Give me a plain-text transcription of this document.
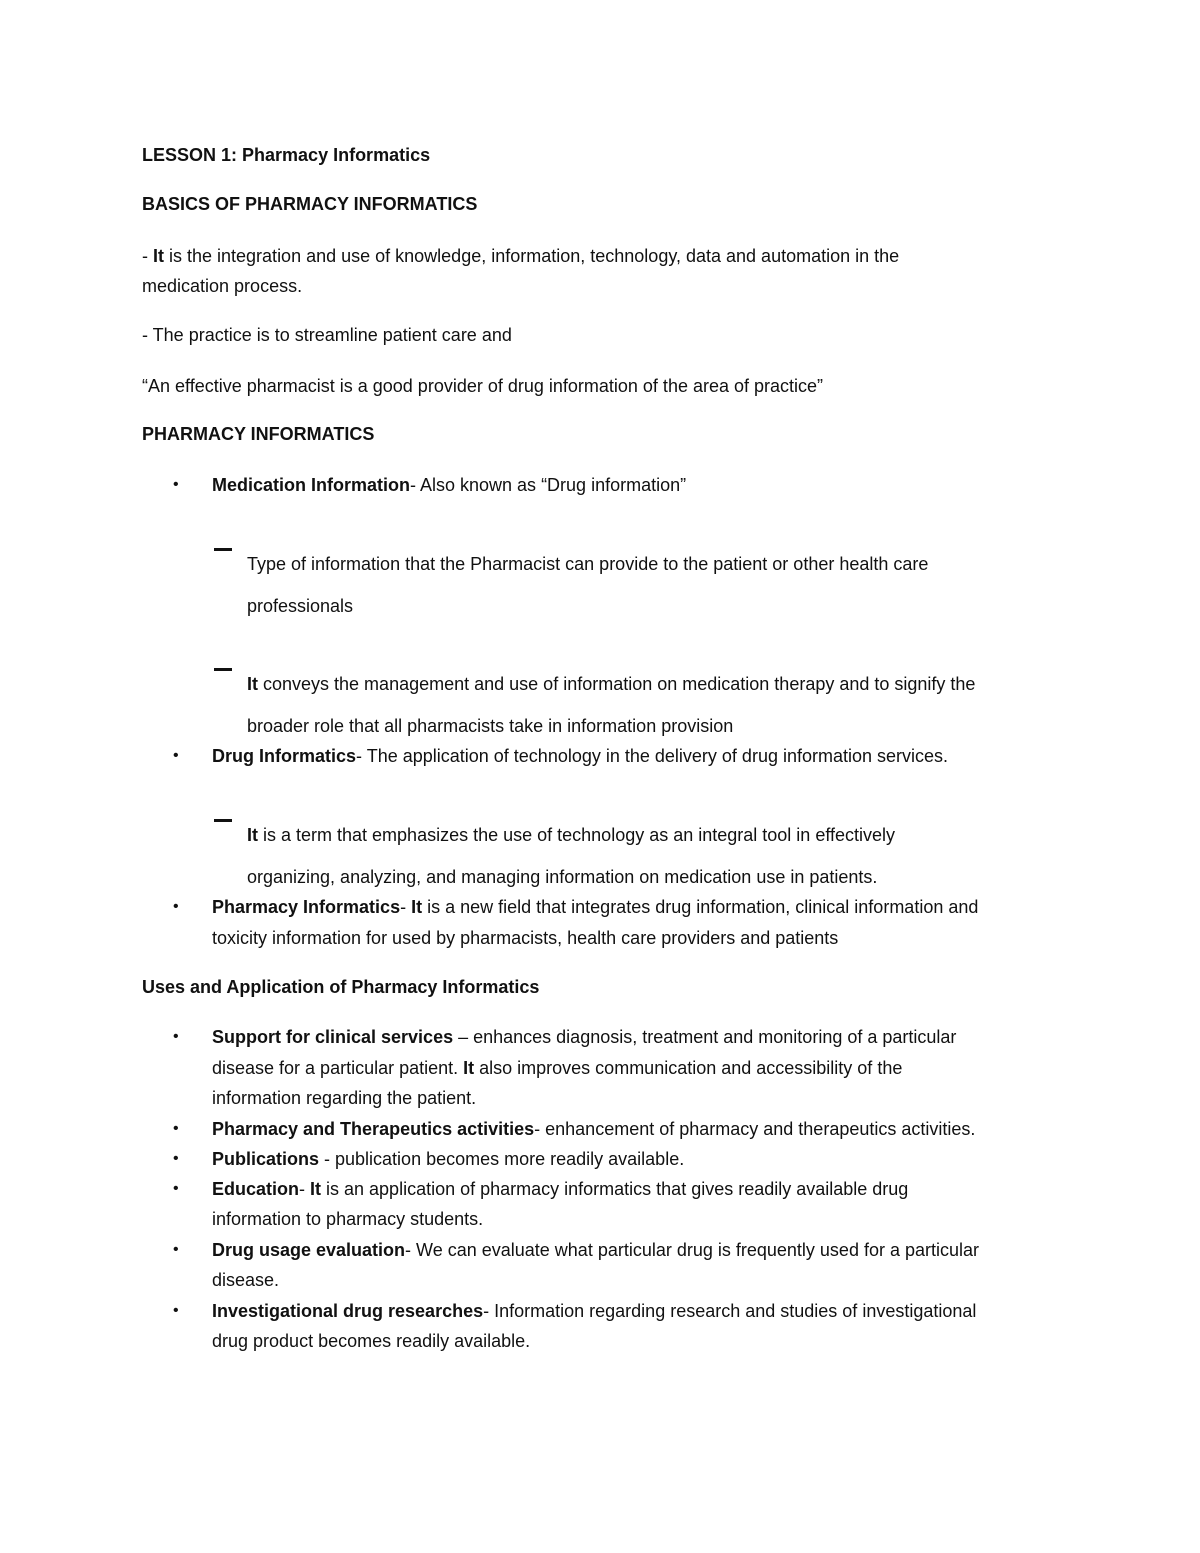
LESSON 1: Pharmacy Informatics
BASICS OF PHARMACY INFORMATICS
- It is the integration and use of knowledge, information, technology, data and automation in the
medication process.
- The practice is to streamline patient care and
“An effective pharmacist is a good provider of drug information of the area of practice”
PHARMACY INFORMATICS
•	Medication Information- Also known as “Drug information”
Type of information that the Pharmacist can provide to the patient or other health care
professionals
It conveys the management and use of information on medication therapy and to signify the
broader role that all pharmacists take in information provision
•	Drug Informatics- The application of technology in the delivery of drug information services.
It is a term that emphasizes the use of technology as an integral tool in effectively
organizing, analyzing, and managing information on medication use in patients.
•	Pharmacy Informatics- It is a new field that integrates drug information, clinical information and
toxicity information for used by pharmacists, health care providers and patients
Uses and Application of Pharmacy Informatics
•	Support for clinical services – enhances diagnosis, treatment and monitoring of a particular
disease for a particular patient. It also improves communication and accessibility of the
information regarding the patient.
•	Pharmacy and Therapeutics activities- enhancement of pharmacy and therapeutics activities.
•	Publications - publication becomes more readily available.
•	Education- It is an application of pharmacy informatics that gives readily available drug
information to pharmacy students.
•	Drug usage evaluation- We can evaluate what particular drug is frequently used for a particular
disease.
•	Investigational drug researches- Information regarding research and studies of investigational
drug product becomes readily available.
